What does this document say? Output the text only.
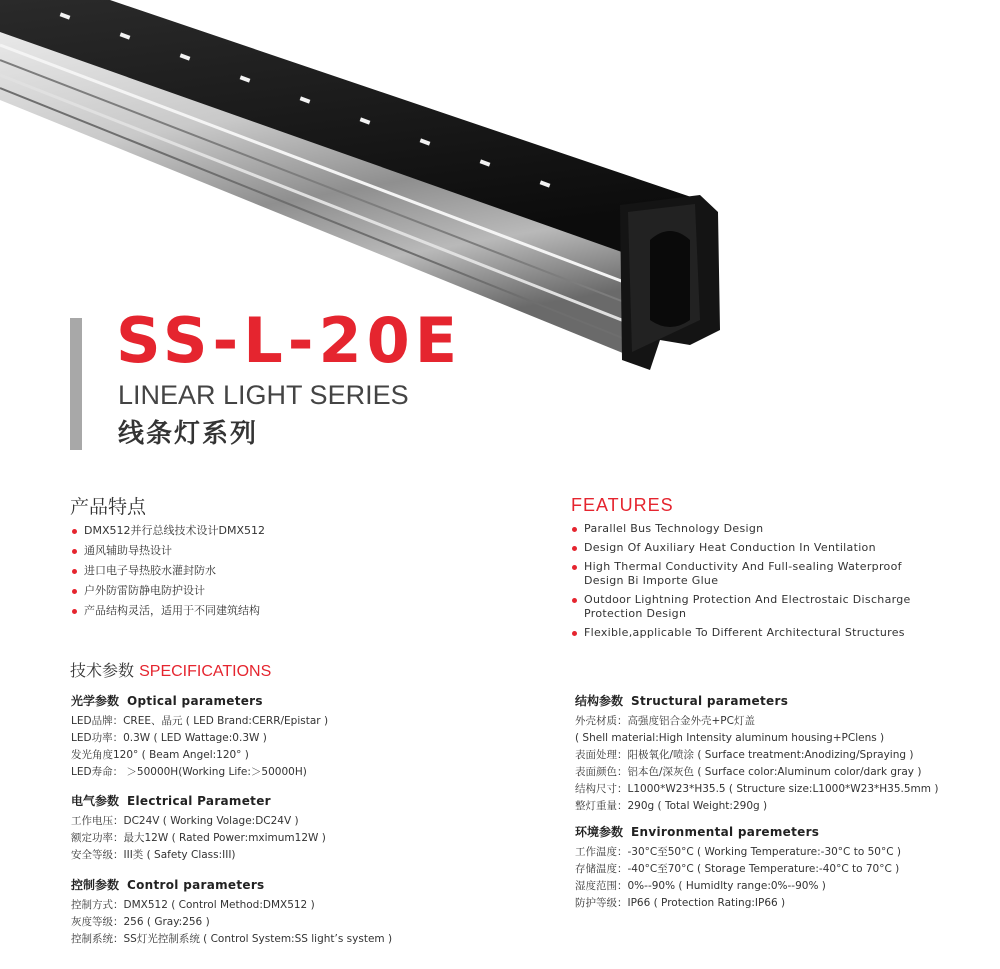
SS-L-20E
LINEAR LIGHT SERIES
线条灯系列
产品特点
DMX512并行总线技术设计DMX512
通风辅助导热设计
进口电子导热胶水灌封防水
户外防雷防静电防护设计
产品结构灵活，适用于不同建筑结构
FEATURES
Parallel Bus Technology Design
Design Of Auxiliary Heat Conduction In Ventilation
High Thermal Conductivity And Full-sealing Waterproof Design Bi Importe Glue
Outdoor Lightning Protection And Electrostaic Discharge Protection Design
Flexible,applicable To Different Architectural Structures
技术参数 SPECIFICATIONS
光学参数 Optical parameters
LED品牌：CREE、晶元 ( LED Brand:CERR/Epistar )
LED功率：0.3W ( LED Wattage:0.3W )
发光角度120° ( Beam Angel:120° )
LED寿命： ＞50000H(Working Life:＞50000H)
电气参数 Electrical Parameter
工作电压：DC24V ( Working Volage:DC24V )
额定功率：最大12W ( Rated Power:mximum12W )
安全等级：III类 ( Safety Class:III)
控制参数 Control parameters
控制方式：DMX512 ( Control Method:DMX512 )
灰度等级：256 ( Gray:256 )
控制系统：SS灯光控制系统 ( Control System:SS light’s system )
结构参数 Structural parameters
外壳材质：高强度铝合金外壳+PC灯盖
( Shell material:High Intensity aluminum housing+PClens )
表面处理：阳极氧化/喷涂 ( Surface treatment:Anodizing/Spraying )
表面颜色：铝本色/深灰色 ( Surface color:Aluminum color/dark gray )
结构尺寸：L1000*W23*H35.5 ( Structure size:L1000*W23*H35.5mm )
整灯重量：290g ( Total Weight:290g )
环境参数 Environmental paremeters
工作温度：-30°C至50°C ( Working Temperature:-30°C to 50°C )
存储温度：-40°C至70°C ( Storage Temperature:-40°C to 70°C )
湿度范围：0%--90% ( Humidlty range:0%--90% )
防护等级：IP66 ( Protection Rating:IP66 )
